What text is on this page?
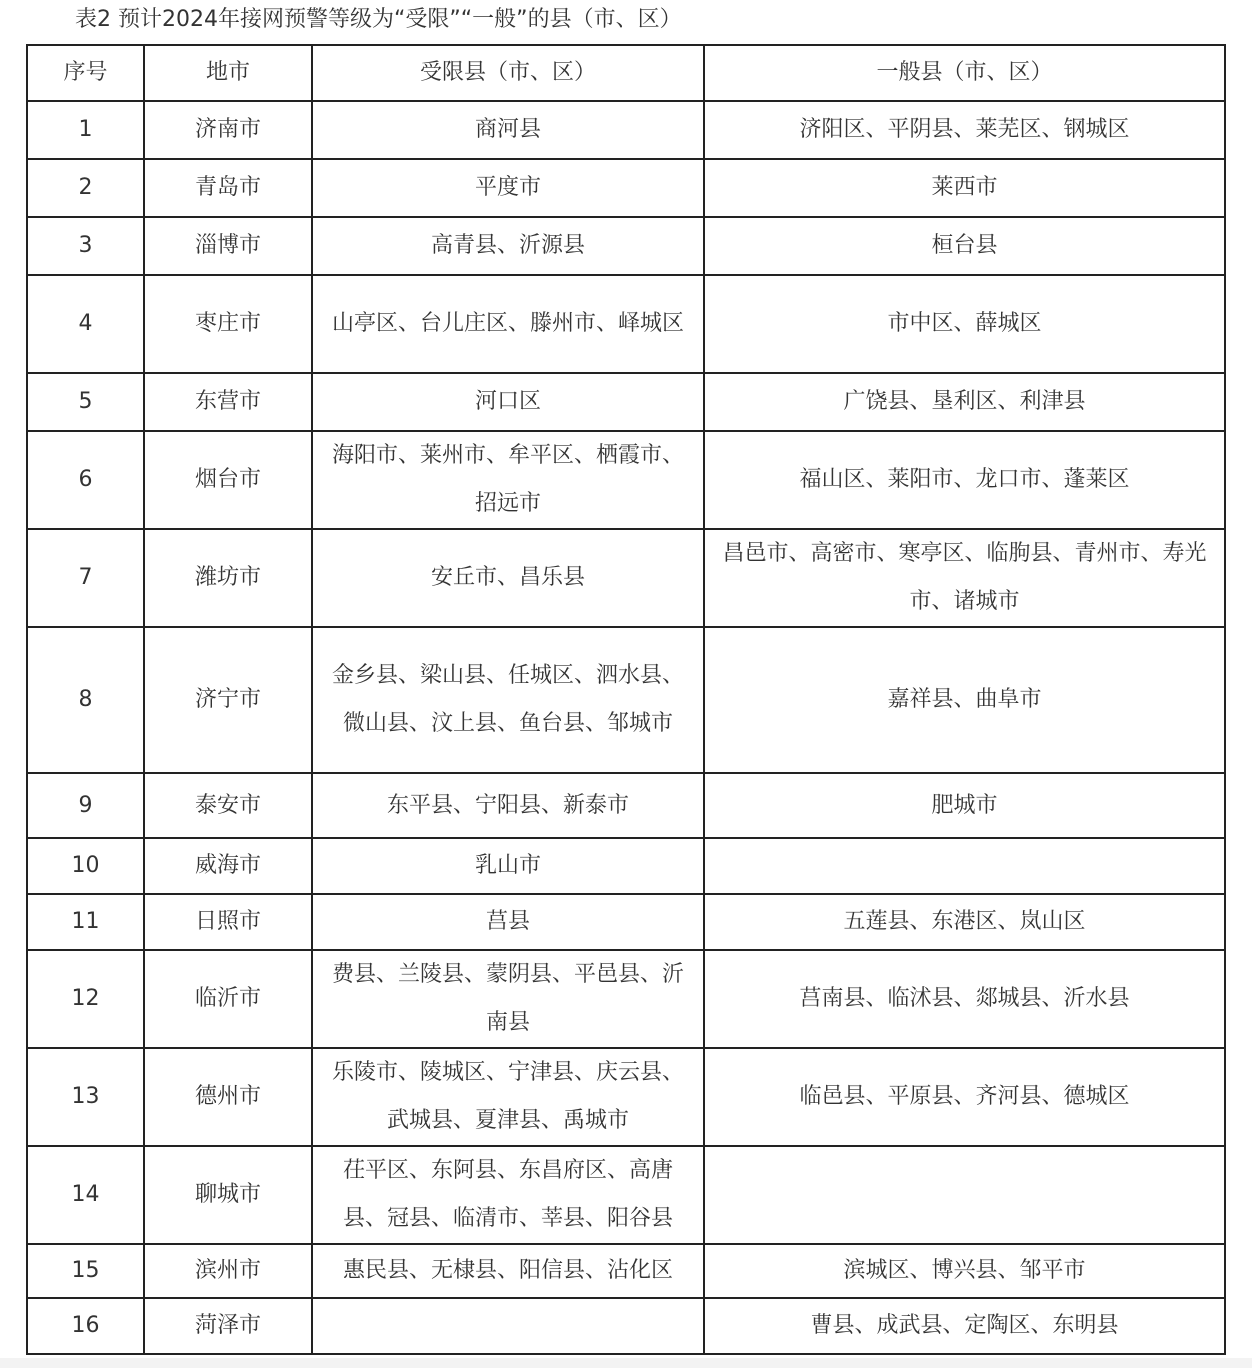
表2 预计2024年接网预警等级为“受限”“一般”的县（市、区）
序号	地市	受限县（市、区）	一般县（市、区）
1	济南市	商河县	济阳区、平阴县、莱芜区、钢城区
2	青岛市	平度市	莱西市
3	淄博市	高青县、沂源县	桓台县
4	枣庄市	山亭区、台儿庄区、滕州市、峄城区	市中区、薛城区
5	东营市	河口区	广饶县、垦利区、利津县
6	烟台市	海阳市、莱州市、牟平区、栖霞市、招远市	福山区、莱阳市、龙口市、蓬莱区
7	潍坊市	安丘市、昌乐县	昌邑市、高密市、寒亭区、临朐县、青州市、寿光市、诸城市
8	济宁市	金乡县、梁山县、任城区、泗水县、微山县、汶上县、鱼台县、邹城市	嘉祥县、曲阜市
9	泰安市	东平县、宁阳县、新泰市	肥城市
10	威海市	乳山市	
11	日照市	莒县	五莲县、东港区、岚山区
12	临沂市	费县、兰陵县、蒙阴县、平邑县、沂南县	莒南县、临沭县、郯城县、沂水县
13	德州市	乐陵市、陵城区、宁津县、庆云县、武城县、夏津县、禹城市	临邑县、平原县、齐河县、德城区
14	聊城市	茌平区、东阿县、东昌府区、高唐县、冠县、临清市、莘县、阳谷县	
15	滨州市	惠民县、无棣县、阳信县、沾化区	滨城区、博兴县、邹平市
16	菏泽市		曹县、成武县、定陶区、东明县
